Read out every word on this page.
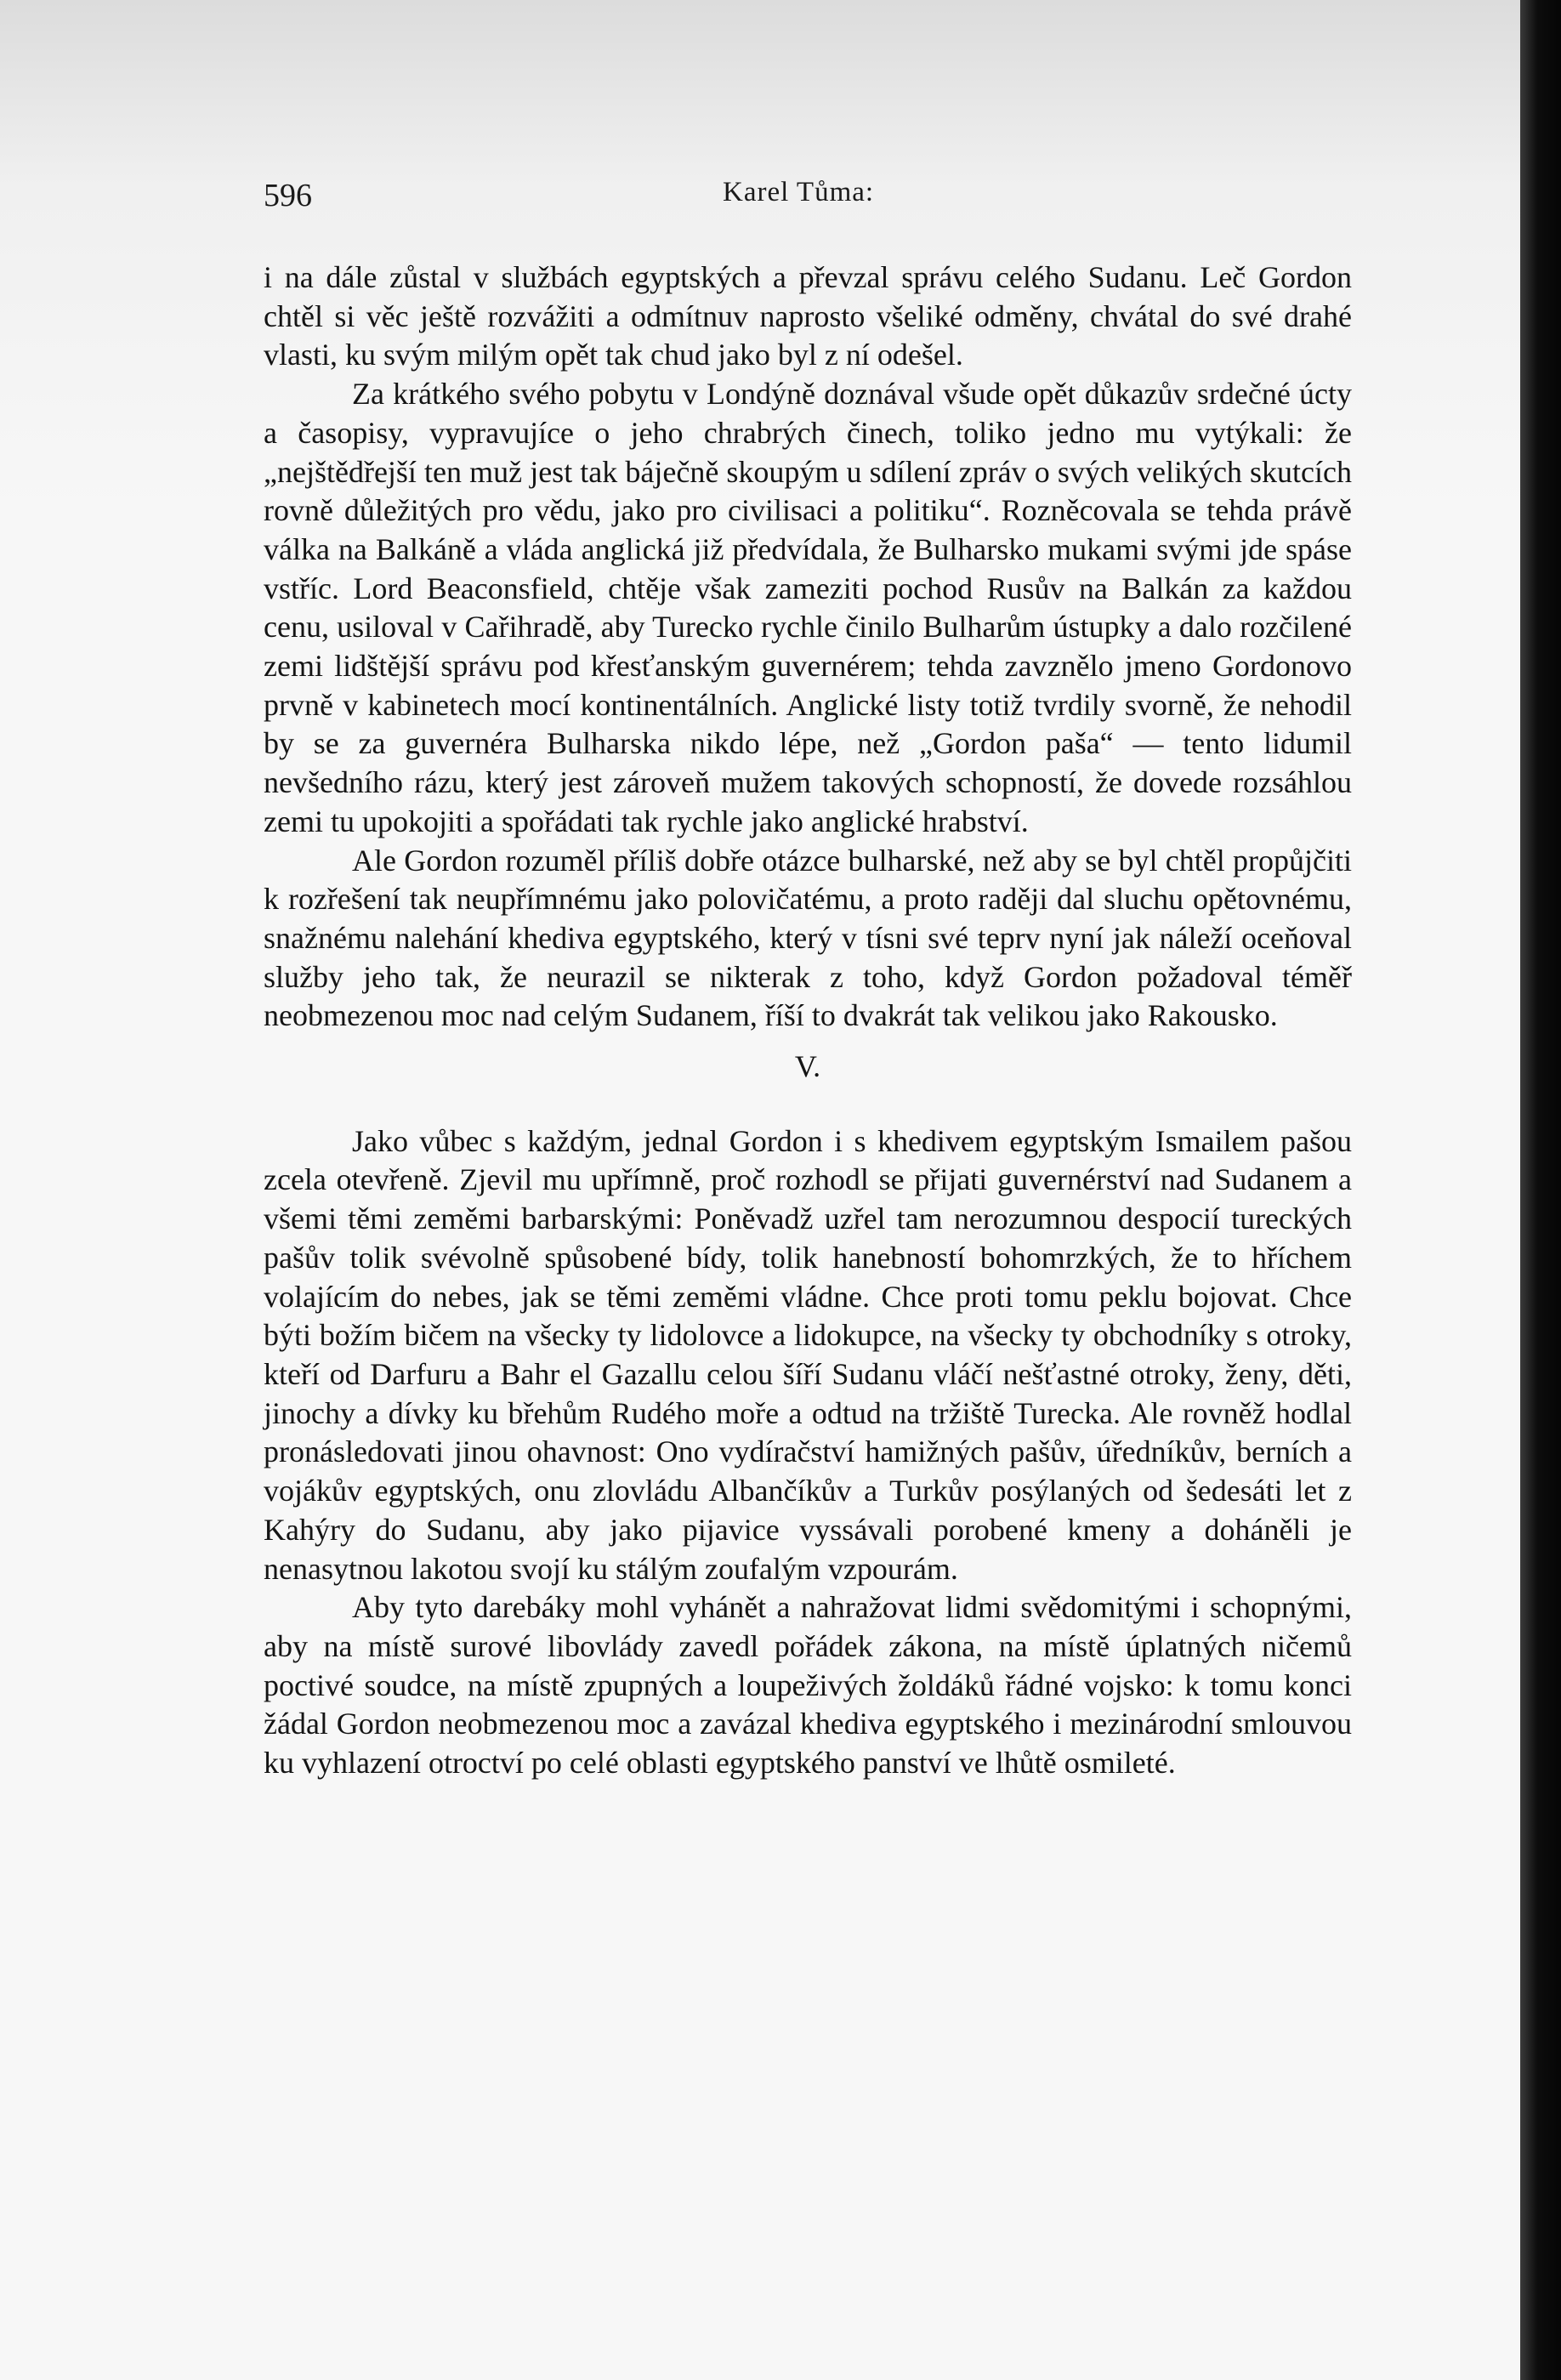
596	Karel Tůma:

i na dále zůstal v službách egyptských a převzal správu celého Sudanu. Leč Gordon chtěl si věc ještě rozvážiti a odmítnuv naprosto všeliké odměny, chvátal do své drahé vlasti, ku svým milým opět tak chud jako byl z ní odešel.

Za krátkého svého pobytu v Londýně doznával všude opět důkazův srdečné úcty a časopisy, vypravujíce o jeho chrabrých činech, toliko jedno mu vytýkali: že „nejštědřejší ten muž jest tak báječně skoupým u sdílení zpráv o svých velikých skutcích rovně důležitých pro vědu, jako pro civilisaci a politiku“. Rozněcovala se tehda právě válka na Balkáně a vláda anglická již předvídala, že Bulharsko mukami svými jde spáse vstříc. Lord Beaconsfield, chtěje však zameziti pochod Rusův na Balkán za každou cenu, usiloval v Cařihradě, aby Turecko rychle činilo Bulharům ústupky a dalo rozčilené zemi lidštější správu pod křesťanským guvernérem; tehda zavznělo jmeno Gordonovo prvně v kabinetech mocí kontinentálních. Anglické listy totiž tvrdily svorně, že nehodil by se za guvernéra Bulharska nikdo lépe, než „Gordon paša“ — tento lidumil nevšedního rázu, který jest zároveň mužem takových schopností, že dovede rozsáhlou zemi tu upokojiti a spořádati tak rychle jako anglické hrabství.

Ale Gordon rozuměl příliš dobře otázce bulharské, než aby se byl chtěl propůjčiti k rozřešení tak neupřímnému jako polovičatému, a proto raději dal sluchu opětovnému, snažnému nalehání khediva egyptského, který v tísni své teprv nyní jak náleží oceňoval služby jeho tak, že neurazil se nikterak z toho, když Gordon požadoval téměř neobmezenou moc nad celým Sudanem, říší to dvakrát tak velikou jako Rakousko.

V.

Jako vůbec s každým, jednal Gordon i s khedivem egyptským Ismailem pašou zcela otevřeně. Zjevil mu upřímně, proč rozhodl se přijati guvernérství nad Sudanem a všemi těmi zeměmi barbarskými: Poněvadž uzřel tam nerozumnou despocií tureckých pašův tolik svévolně spůsobené bídy, tolik hanebností bohomrzkých, že to hříchem volajícím do nebes, jak se těmi zeměmi vládne. Chce proti tomu peklu bojovat. Chce býti božím bičem na všecky ty lidolovce a lidokupce, na všecky ty obchodníky s otroky, kteří od Darfuru a Bahr el Gazallu celou šíří Sudanu vláčí nešťastné otroky, ženy, děti, jinochy a dívky ku břehům Rudého moře a odtud na tržiště Turecka. Ale rovněž hodlal pronásledovati jinou ohavnost: Ono vydíračství hamižných pašův, úředníkův, berních a vojákův egyptských, onu zlovládu Albančíkův a Turkův posýlaných od šedesáti let z Kahýry do Sudanu, aby jako pijavice vyssávali porobené kmeny a doháněli je nenasytnou lakotou svojí ku stálým zoufalým vzpourám.

Aby tyto darebáky mohl vyhánět a nahražovat lidmi svědomitými i schopnými, aby na místě surové libovlády zavedl pořádek zákona, na místě úplatných ničemů poctivé soudce, na místě zpupných a loupeživých žoldáků řádné vojsko: k tomu konci žádal Gordon neobmezenou moc a zavázal khediva egyptského i mezinárodní smlouvou ku vyhlazení otroctví po celé oblasti egyptského panství ve lhůtě osmileté.
